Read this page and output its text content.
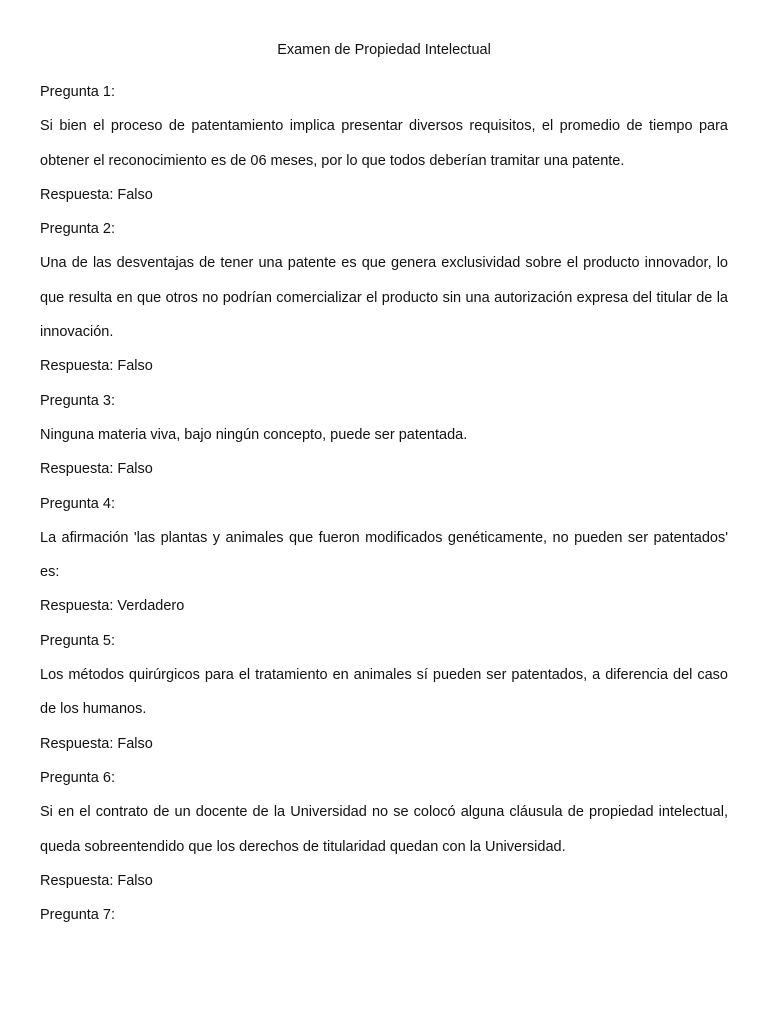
Examen de Propiedad Intelectual

Pregunta 1:

Si bien el proceso de patentamiento implica presentar diversos requisitos, el promedio de tiempo para obtener el reconocimiento es de 06 meses, por lo que todos deberían tramitar una patente.

Respuesta: Falso

Pregunta 2:

Una de las desventajas de tener una patente es que genera exclusividad sobre el producto innovador, lo que resulta en que otros no podrían comercializar el producto sin una autorización expresa del titular de la innovación.

Respuesta: Falso

Pregunta 3:

Ninguna materia viva, bajo ningún concepto, puede ser patentada.

Respuesta: Falso

Pregunta 4:

La afirmación 'las plantas y animales que fueron modificados genéticamente, no pueden ser patentados' es:

Respuesta: Verdadero

Pregunta 5:

Los métodos quirúrgicos para el tratamiento en animales sí pueden ser patentados, a diferencia del caso de los humanos.

Respuesta: Falso

Pregunta 6:

Si en el contrato de un docente de la Universidad no se colocó alguna cláusula de propiedad intelectual, queda sobreentendido que los derechos de titularidad quedan con la Universidad.

Respuesta: Falso

Pregunta 7:
